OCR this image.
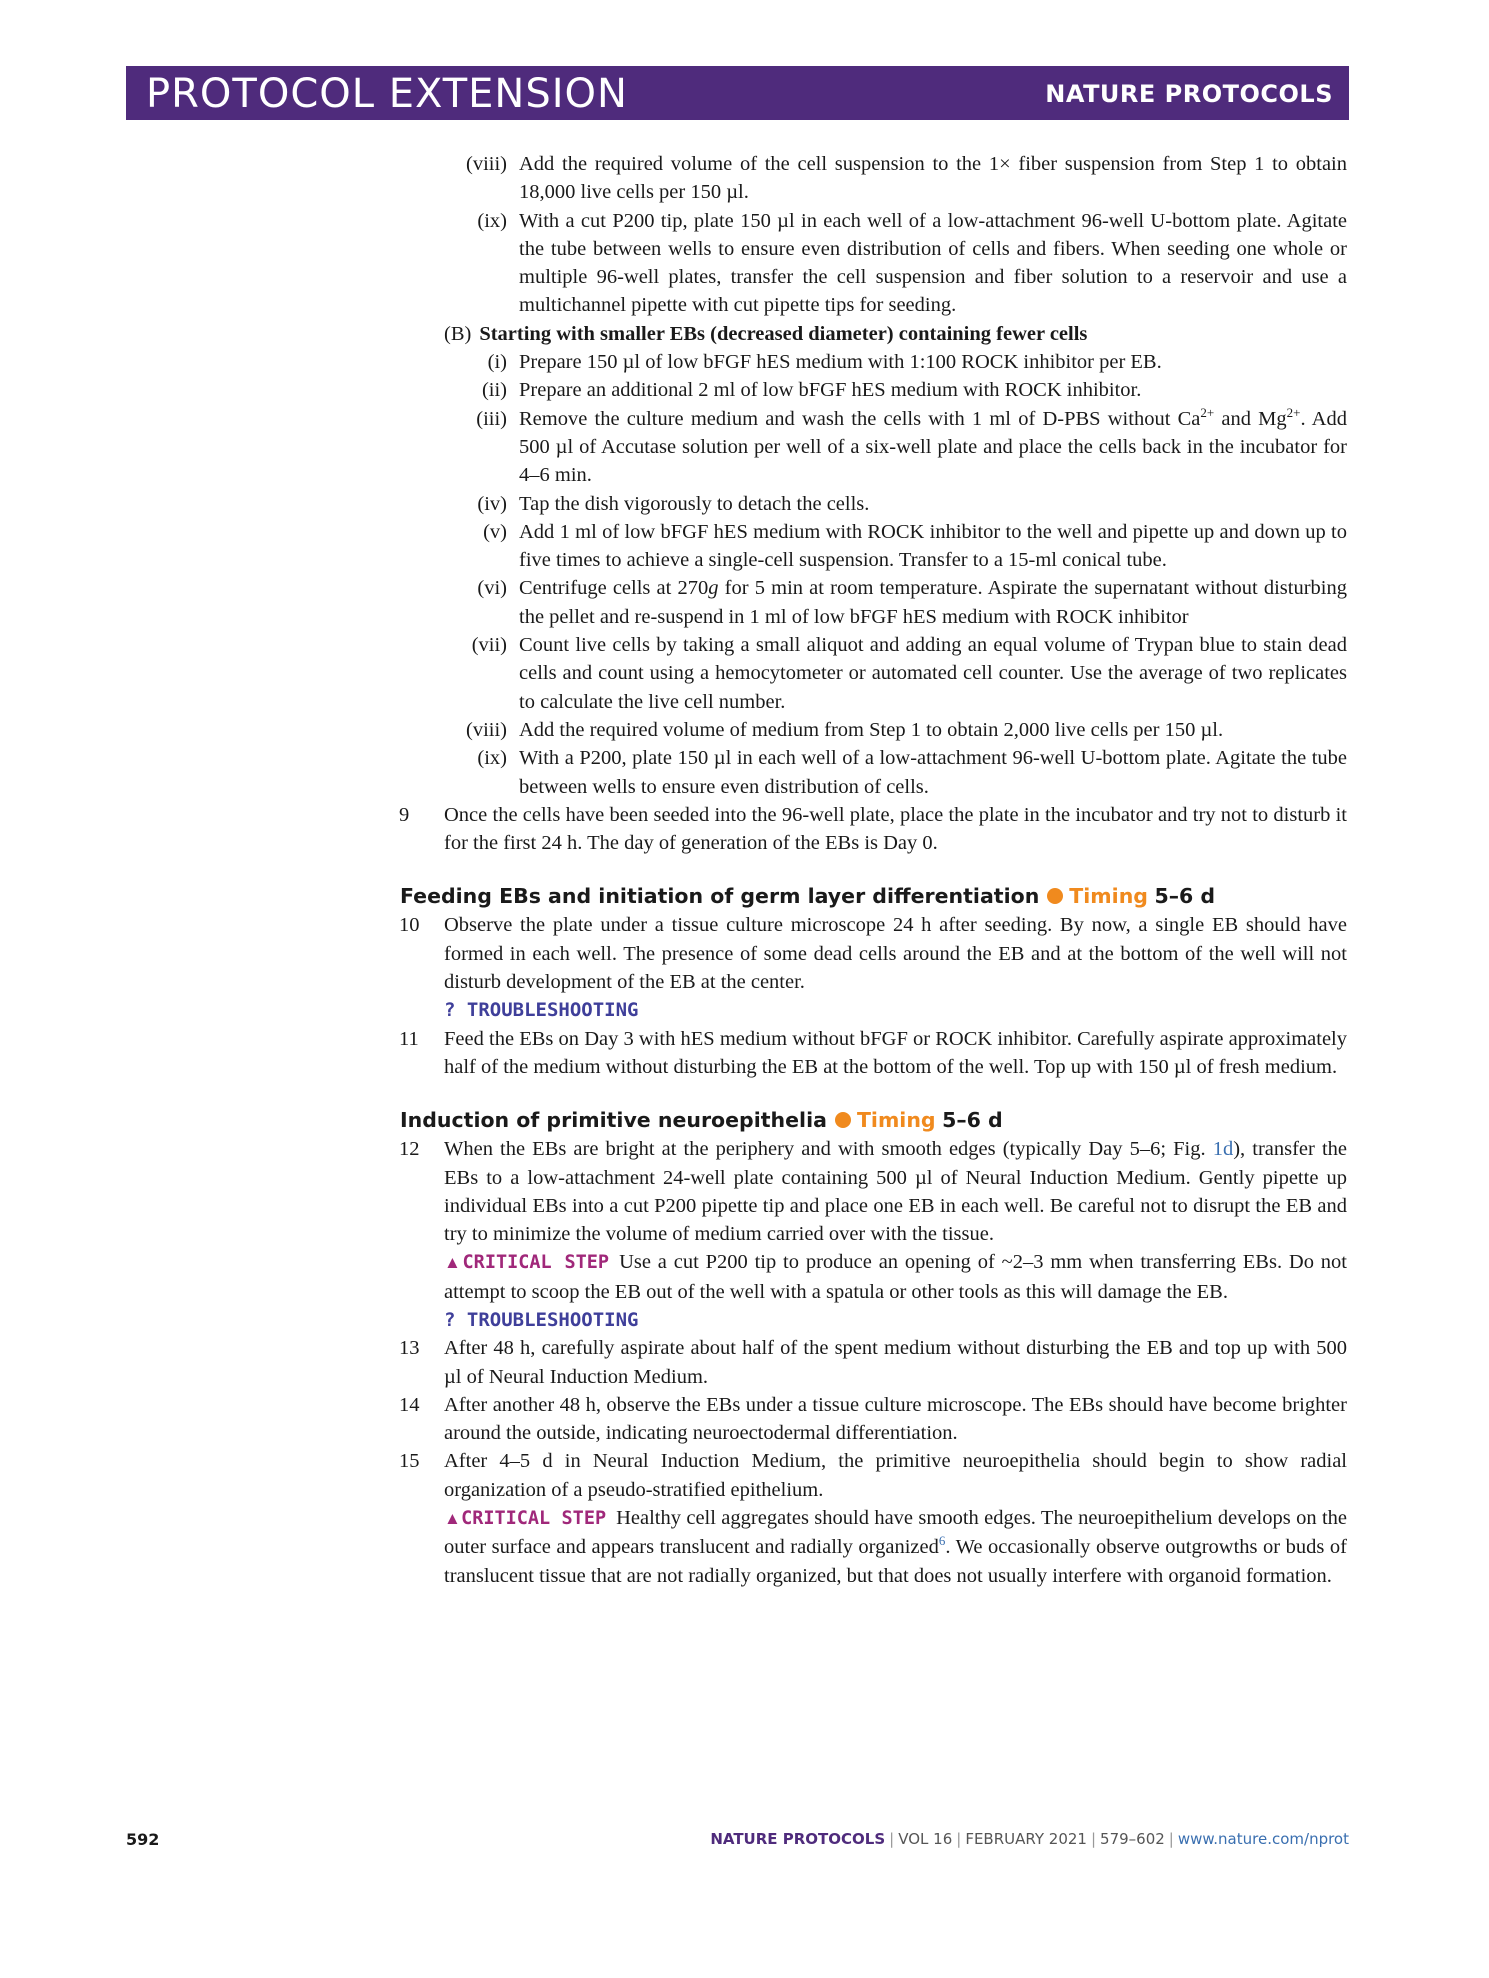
PROTOCOL EXTENSION	NATURE PROTOCOLS
(viii) Add the required volume of the cell suspension to the 1× fiber suspension from Step 1 to obtain 18,000 live cells per 150 µl.
(ix) With a cut P200 tip, plate 150 µl in each well of a low-attachment 96-well U-bottom plate. Agitate the tube between wells to ensure even distribution of cells and fibers. When seeding one whole or multiple 96-well plates, transfer the cell suspension and fiber solution to a reservoir and use a multichannel pipette with cut pipette tips for seeding.
(B) Starting with smaller EBs (decreased diameter) containing fewer cells
(i) Prepare 150 µl of low bFGF hES medium with 1:100 ROCK inhibitor per EB.
(ii) Prepare an additional 2 ml of low bFGF hES medium with ROCK inhibitor.
(iii) Remove the culture medium and wash the cells with 1 ml of D-PBS without $Ca^{2+}$ and $Mg^{2+}$. Add 500 µl of Accutase solution per well of a six-well plate and place the cells back in the incubator for 4–6 min.
(iv) Tap the dish vigorously to detach the cells.
(v) Add 1 ml of low bFGF hES medium with ROCK inhibitor to the well and pipette up and down up to five times to achieve a single-cell suspension. Transfer to a 15-ml conical tube.
(vi) Centrifuge cells at 270g for 5 min at room temperature. Aspirate the supernatant without disturbing the pellet and re-suspend in 1 ml of low bFGF hES medium with ROCK inhibitor
(vii) Count live cells by taking a small aliquot and adding an equal volume of Trypan blue to stain dead cells and count using a hemocytometer or automated cell counter. Use the average of two replicates to calculate the live cell number.
(viii) Add the required volume of medium from Step 1 to obtain 2,000 live cells per 150 µl.
(ix) With a P200, plate 150 µl in each well of a low-attachment 96-well U-bottom plate. Agitate the tube between wells to ensure even distribution of cells.
9 Once the cells have been seeded into the 96-well plate, place the plate in the incubator and try not to disturb it for the first 24 h. The day of generation of the EBs is Day 0.
Feeding EBs and initiation of germ layer differentiation Timing 5–6 d
10 Observe the plate under a tissue culture microscope 24 h after seeding. By now, a single EB should have formed in each well. The presence of some dead cells around the EB and at the bottom of the well will not disturb development of the EB at the center.
? TROUBLESHOOTING
11 Feed the EBs on Day 3 with hES medium without bFGF or ROCK inhibitor. Carefully aspirate approximately half of the medium without disturbing the EB at the bottom of the well. Top up with 150 µl of fresh medium.
Induction of primitive neuroepithelia Timing 5–6 d
12 When the EBs are bright at the periphery and with smooth edges (typically Day 5–6; Fig. 1d), transfer the EBs to a low-attachment 24-well plate containing 500 µl of Neural Induction Medium. Gently pipette up individual EBs into a cut P200 pipette tip and place one EB in each well. Be careful not to disrupt the EB and try to minimize the volume of medium carried over with the tissue.
▲CRITICAL STEP Use a cut P200 tip to produce an opening of ~2–3 mm when transferring EBs. Do not attempt to scoop the EB out of the well with a spatula or other tools as this will damage the EB.
? TROUBLESHOOTING
13 After 48 h, carefully aspirate about half of the spent medium without disturbing the EB and top up with 500 µl of Neural Induction Medium.
14 After another 48 h, observe the EBs under a tissue culture microscope. The EBs should have become brighter around the outside, indicating neuroectodermal differentiation.
15 After 4–5 d in Neural Induction Medium, the primitive neuroepithelia should begin to show radial organization of a pseudo-stratified epithelium.
▲CRITICAL STEP Healthy cell aggregates should have smooth edges. The neuroepithelium develops on the outer surface and appears translucent and radially organized$^6$. We occasionally observe outgrowths or buds of translucent tissue that are not radially organized, but that does not usually interfere with organoid formation.
592	NATURE PROTOCOLS | VOL 16 | FEBRUARY 2021 | 579–602 | www.nature.com/nprot
